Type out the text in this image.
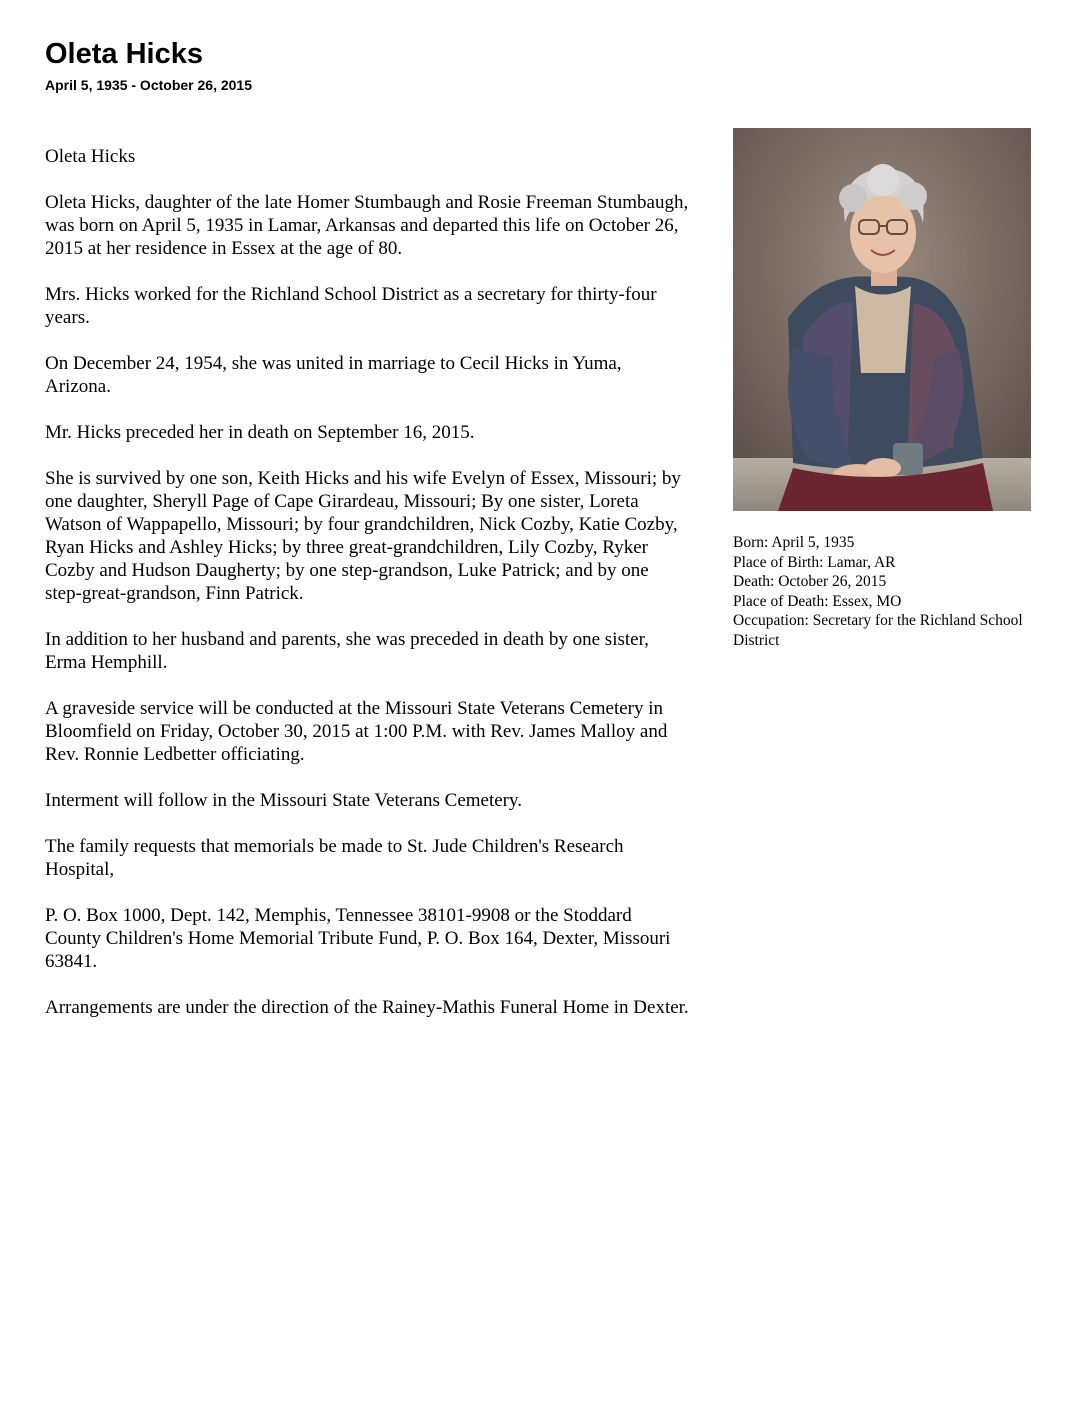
Oleta Hicks
April 5, 1935 - October 26, 2015

Oleta Hicks

Oleta Hicks, daughter of the late Homer Stumbaugh and Rosie Freeman Stumbaugh, was born on April 5, 1935 in Lamar, Arkansas and departed this life on October 26, 2015 at her residence in Essex at the age of 80.

Mrs. Hicks worked for the Richland School District as a secretary for thirty-four years.

On December 24, 1954, she was united in marriage to Cecil Hicks in Yuma, Arizona.

Mr. Hicks preceded her in death on September 16, 2015.

She is survived by one son, Keith Hicks and his wife Evelyn of Essex, Missouri; by one daughter, Sheryll Page of Cape Girardeau, Missouri; By one sister, Loreta Watson of Wappapello, Missouri; by four grandchildren, Nick Cozby, Katie Cozby, Ryan Hicks and Ashley Hicks; by three great-grandchildren, Lily Cozby, Ryker Cozby and Hudson Daugherty; by one step-grandson, Luke Patrick; and by one step-great-grandson, Finn Patrick.

In addition to her husband and parents, she was preceded in death by one sister, Erma Hemphill.

A graveside service will be conducted at the Missouri State Veterans Cemetery in Bloomfield on Friday, October 30, 2015 at 1:00 P.M. with Rev. James Malloy and Rev. Ronnie Ledbetter officiating.

Interment will follow in the Missouri State Veterans Cemetery.

The family requests that memorials be made to St. Jude Children's Research Hospital,

P. O. Box 1000, Dept. 142, Memphis, Tennessee 38101-9908 or the Stoddard County Children's Home Memorial Tribute Fund, P. O. Box 164, Dexter, Missouri 63841.

Arrangements are under the direction of the Rainey-Mathis Funeral Home in Dexter.

Born: April 5, 1935
Place of Birth: Lamar, AR
Death: October 26, 2015
Place of Death: Essex, MO
Occupation: Secretary for the Richland School District
